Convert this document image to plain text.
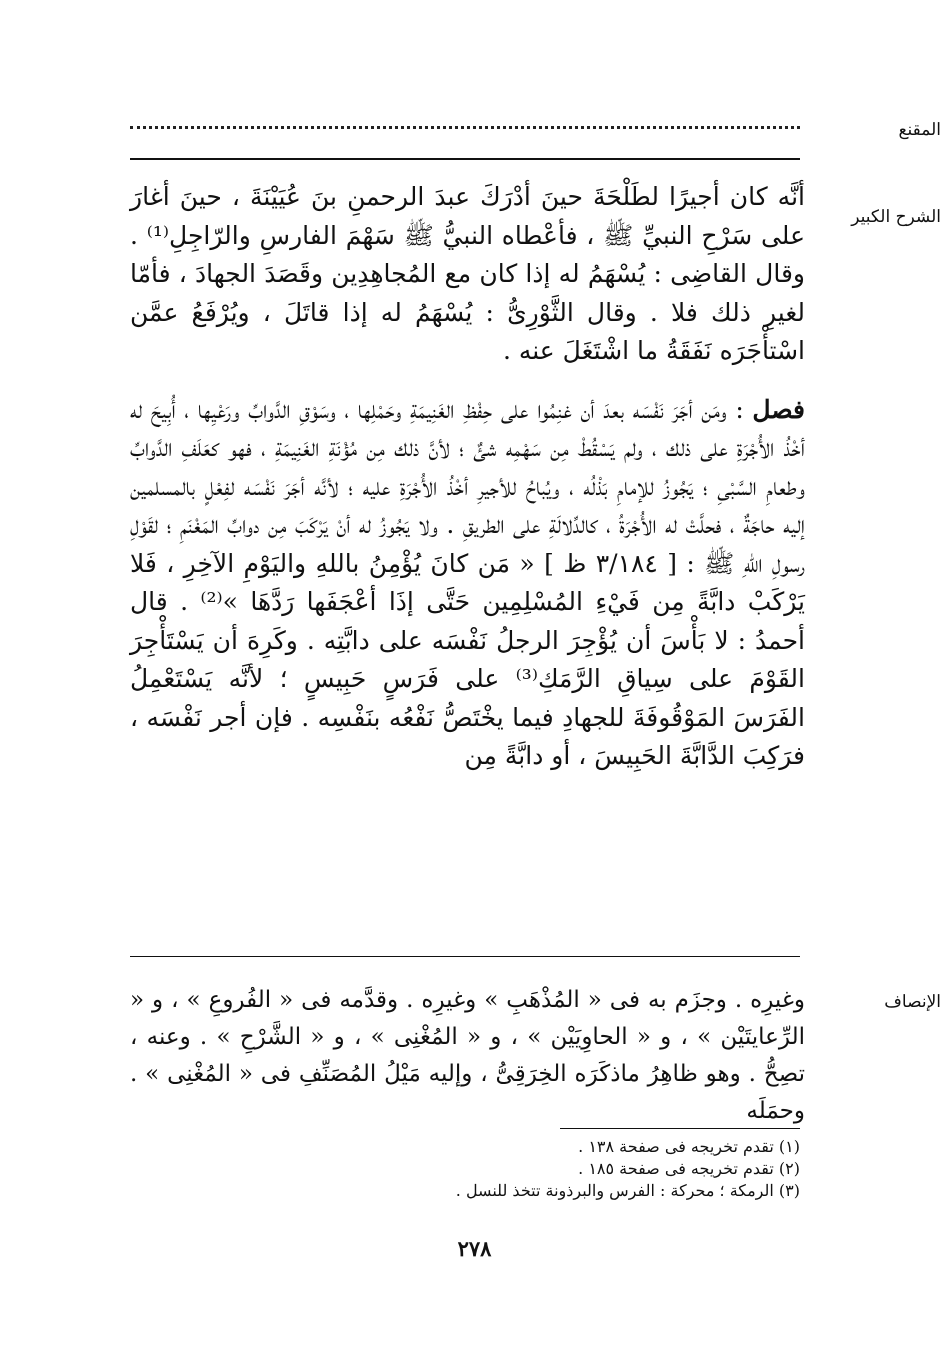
المقنع
الشرح الكبير

أنَّه كان أجيرًا لطَلْحَةَ حينَ أدْرَكَ عبدَ الرحمنِ بنَ عُيَيْنَةَ ، حينَ أغارَ على سَرْحِ النبيِّ ﷺ ، فأعْطاه النبيُّ ﷺ سَهْمَ الفارسِ والرّاجِلِ⁽¹⁾ . وقال القاضِى : يُسْهَمُ له إذا كان مع المُجاهِدِين وقَصَدَ الجهادَ ، فأمّا لغيرِ ذلك فلا . وقال الثَّوْرِىُّ : يُسْهَمُ له إذا قاتَلَ ، ويُرْفَعُ عمَّن اسْتأْجَرَه نَفَقَةُ ما اشْتَغَلَ عنه .

فصل : ومَن أجَرَ نَفْسَه بعدَ أن غنِمُوا على حِفْظِ الغَنِيمَةِ وحَمْلِها ، وسَوْقِ الدَّوابِّ ورَعْيِها ، أُبِيحَ له أخْذُ الأُجْرَةِ على ذلك ، ولم يَسْقُطْ مِن سَهْمِه شئٌ ؛ لأنَّ ذلك مِن مُؤْنَةِ الغَنِيمَةِ ، فهو كعَلَفِ الدَّوابِّ وطعامِ السَّبْىِ ؛ يَجُوزُ للإمامِ بَذْلُه ، ويُباحُ للأجيرِ أخْذُ الأُجْرَةِ عليه ؛ لأنَّه أجَرَ نَفْسَه لفِعْلٍ بالمسلمين إليه حاجَةٌ ، فحلَّتْ له الأُجْرَةُ ، كالدِّلالَةِ على الطريقِ . ولا يَجُوزُ له أنْ يَرْكَبَ مِن دوابِّ المَغْنَمِ ؛ لقَوْلِ رسولِ اللهِ ﷺ : [ ٣/١٨٤ ظ ] « مَن كانَ يُؤْمِنُ باللهِ واليَوْمِ الآخِرِ ، فَلا يَرْكَبْ دابَّةً مِن فَيْءِ المُسْلِمِين حَتَّى إذَا أعْجَفَها رَدَّهَا »⁽²⁾ . قال أحمدُ : لا بَأْسَ أن يُؤْجِرَ الرجلُ نَفْسَه على دابَّتِه . وكَرِهَ أن يَسْتَأْجِرَ القَوْمَ على سِياقِ الرَّمَكِ⁽³⁾ على فَرَسٍ حَبِيسٍ ؛ لأنَّه يَسْتَعْمِلُ الفَرَسَ المَوْقُوفَةَ للجهادِ فيما يخْتَصُّ نَفْعُه بنَفْسِه . فإن أجر نَفْسَه ، فرَكِبَ الدَّابَّةَ الحَبِيسَ ، أو دابَّةً مِن

الإنصاف

وغيرِه . وجزَم به فى « المُذْهَبِ » وغيرِه . وقدَّمه فى « الفُروعِ » ، و « الرِّعايتَيْن » ، و « الحاوِيَيْن » ، و « المُغْنِى » ، و « الشَّرْحِ » . وعنه ، تصِحُّ . وهو ظاهِرُ ماذكَرَه الخِرَقِىُّ ، وإليه مَيْلُ المُصَنِّفِ فى « المُغْنِى » . وحمَلَه

(١) تقدم تخريجه فى صفحة ١٣٨ .
(٢) تقدم تخريجه فى صفحة ١٨٥ .
(٣) الرمكة ؛ محركة : الفرس والبرذونة تتخذ للنسل .
٢٧٨
